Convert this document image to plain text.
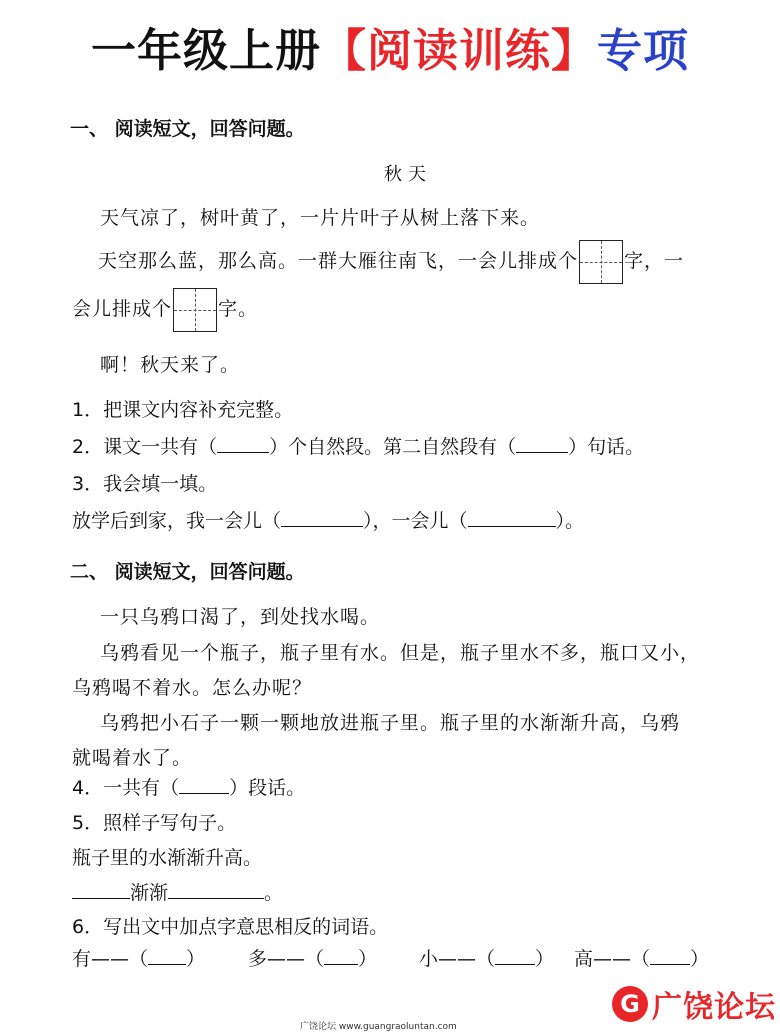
一年级上册【阅读训练】专项
一、 阅读短文，回答问题。
秋天
天气凉了，树叶黄了，一片片叶子从树上落下来。
天空那么蓝，那么高。一群大雁往南飞，一会儿排成个 字，一
会儿排成个 字。
啊！秋天来了。
1．把课文内容补充完整。
2．课文一共有（	）个自然段。第二自然段有（	）句话。
3．我会填一填。
放学后到家，我一会儿（	），一会儿（	）。
二、 阅读短文，回答问题。
一只乌鸦口渴了，到处找水喝。
乌鸦看见一个瓶子，瓶子里有水。但是，瓶子里水不多，瓶口又小，
乌鸦喝不着水。怎么办呢？
乌鸦把小石子一颗一颗地放进瓶子里。瓶子里的水渐渐升高，乌鸦
就喝着水了。
4．一共有（	）段话。
5．照样子写句子。
瓶子里的水渐渐升高。
渐渐	。
6．写出文中加点字意思相反的词语。
有——（ ） 多——（ ） 小——（ ） 高——（ ）
广饶论坛 www.guangraoluntan.com
G 广饶论坛
